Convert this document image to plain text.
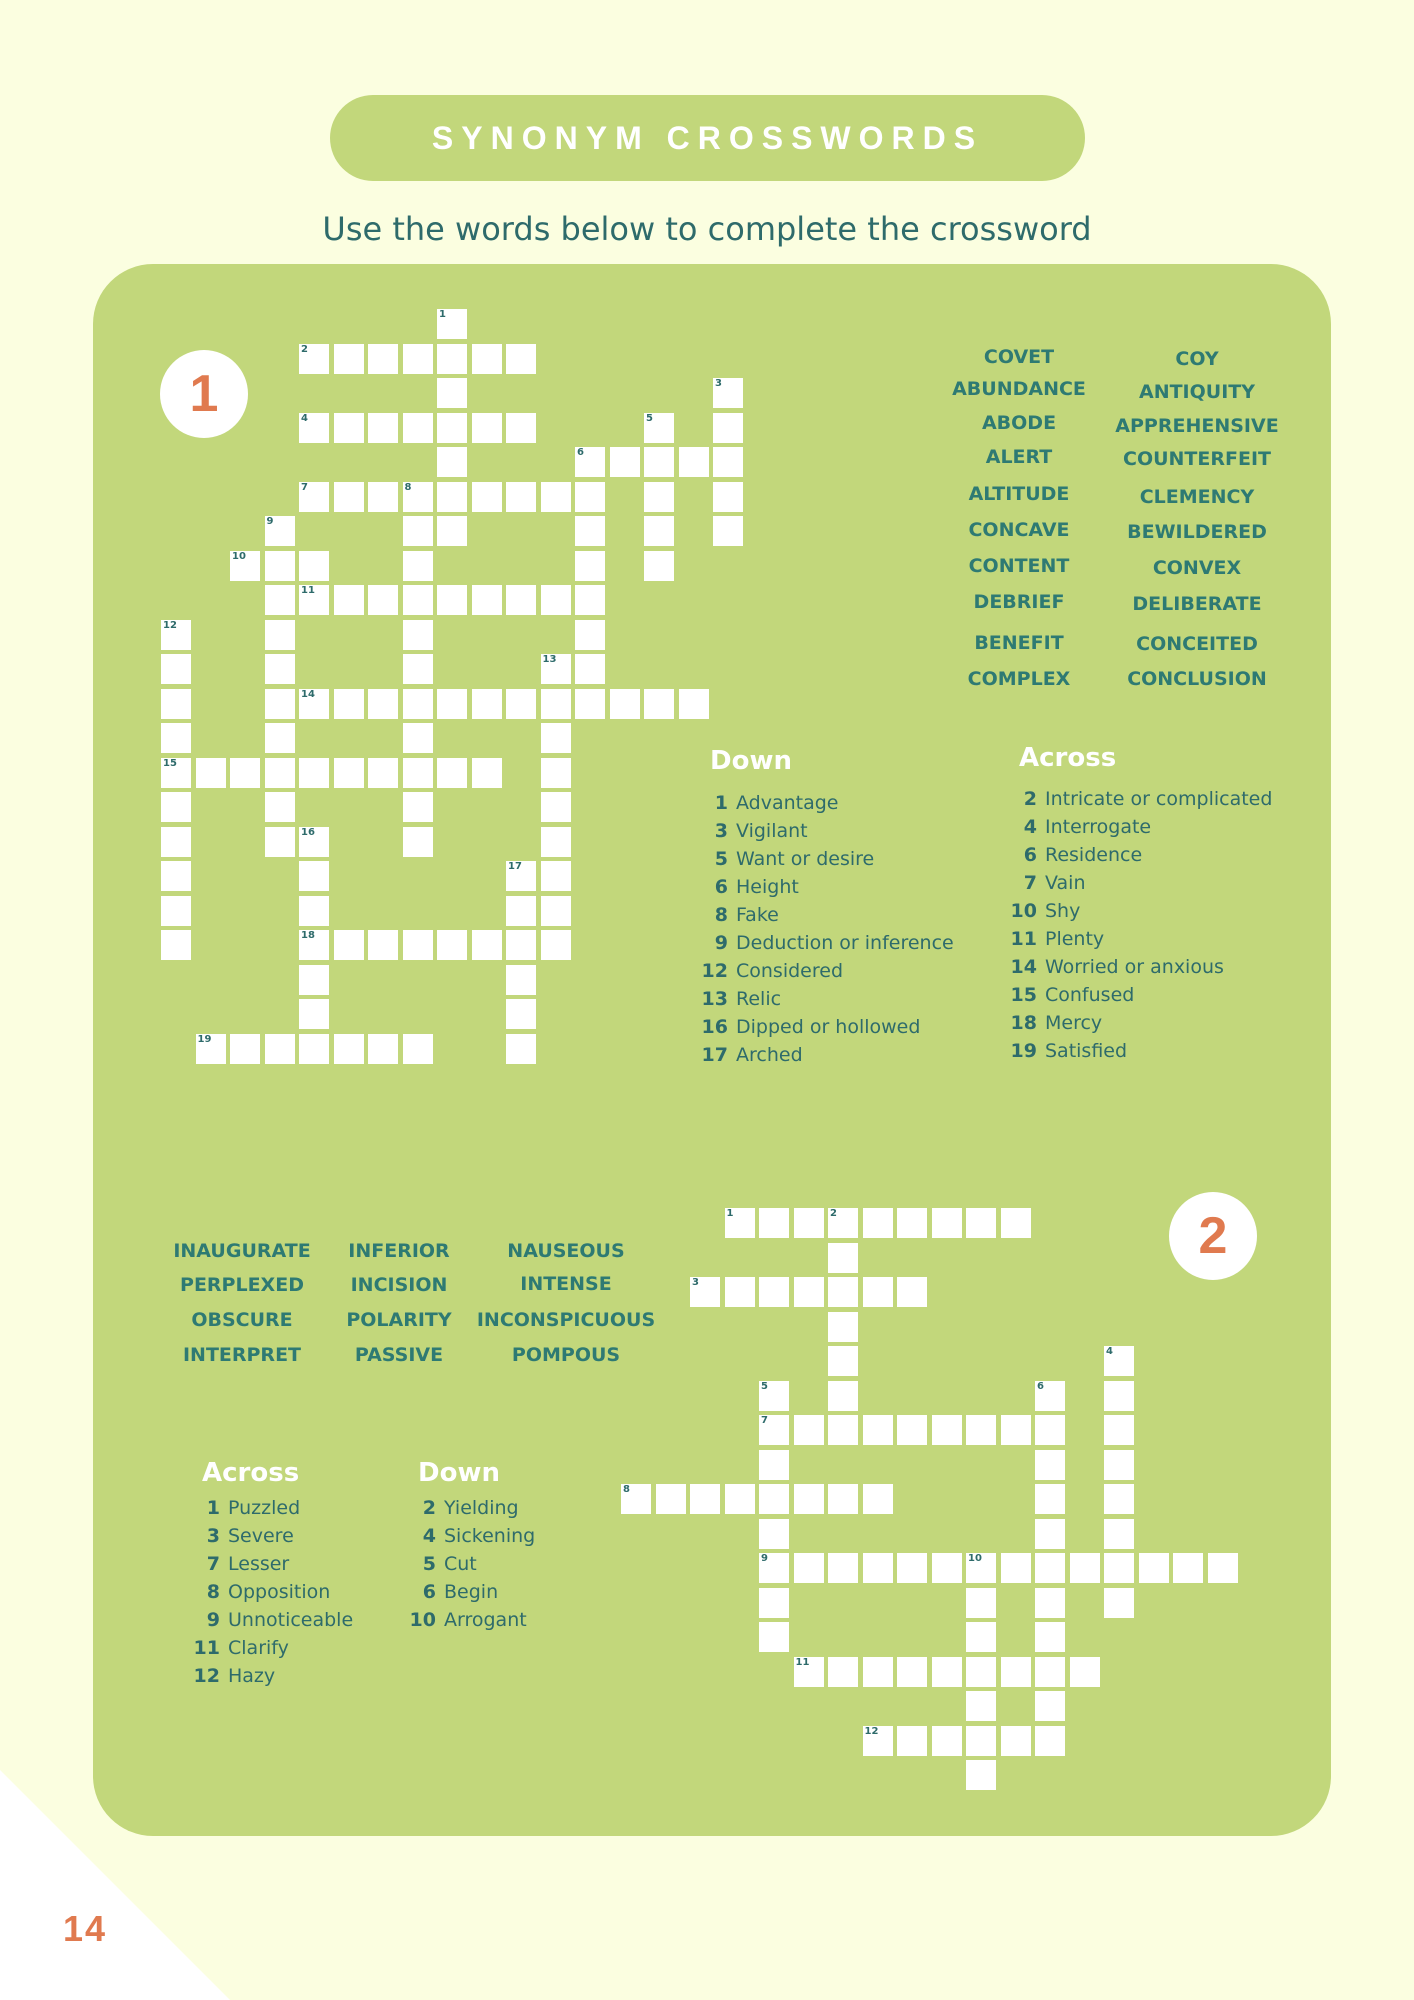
SYNONYM CROSSWORDS
Use the words below to complete the crossword
1
2
1
2
3
4	5
6
7	8
9
10
11
12
15
13
14
16
18
17
19
1	2
3
4
5
7
9
6
8
10
11
12
COVET
ABUNDANCE
ABODE
ALERT
ALTITUDE
CONCAVE
CONTENT
DEBRIEF
BENEFIT
COMPLEX
COY
ANTIQUITY
APPREHENSIVE
COUNTERFEIT
CLEMENCY
BEWILDERED
CONVEX
DELIBERATE
CONCEITED
CONCLUSION
Down
1 Advantage
3 Vigilant
5 Want or desire
6 Height
8 Fake
9 Deduction or inference
12 Considered
13 Relic
16 Dipped or hollowed
17 Arched
Across
2 Intricate or complicated
4 Interrogate
6 Residence
7 Vain
10 Shy
11 Plenty
14 Worried or anxious
15 Confused
18 Mercy
19 Satisfied
INAUGURATE
PERPLEXED
OBSCURE
INTERPRET
INFERIOR
INCISION
POLARITY
PASSIVE
NAUSEOUS
INTENSE
INCONSPICUOUS
POMPOUS
Across
1 Puzzled
3 Severe
7 Lesser
8 Opposition
9 Unnoticeable
11 Clarify
12 Hazy
Down
2 Yielding
4 Sickening
5 Cut
6 Begin
10 Arrogant
14
